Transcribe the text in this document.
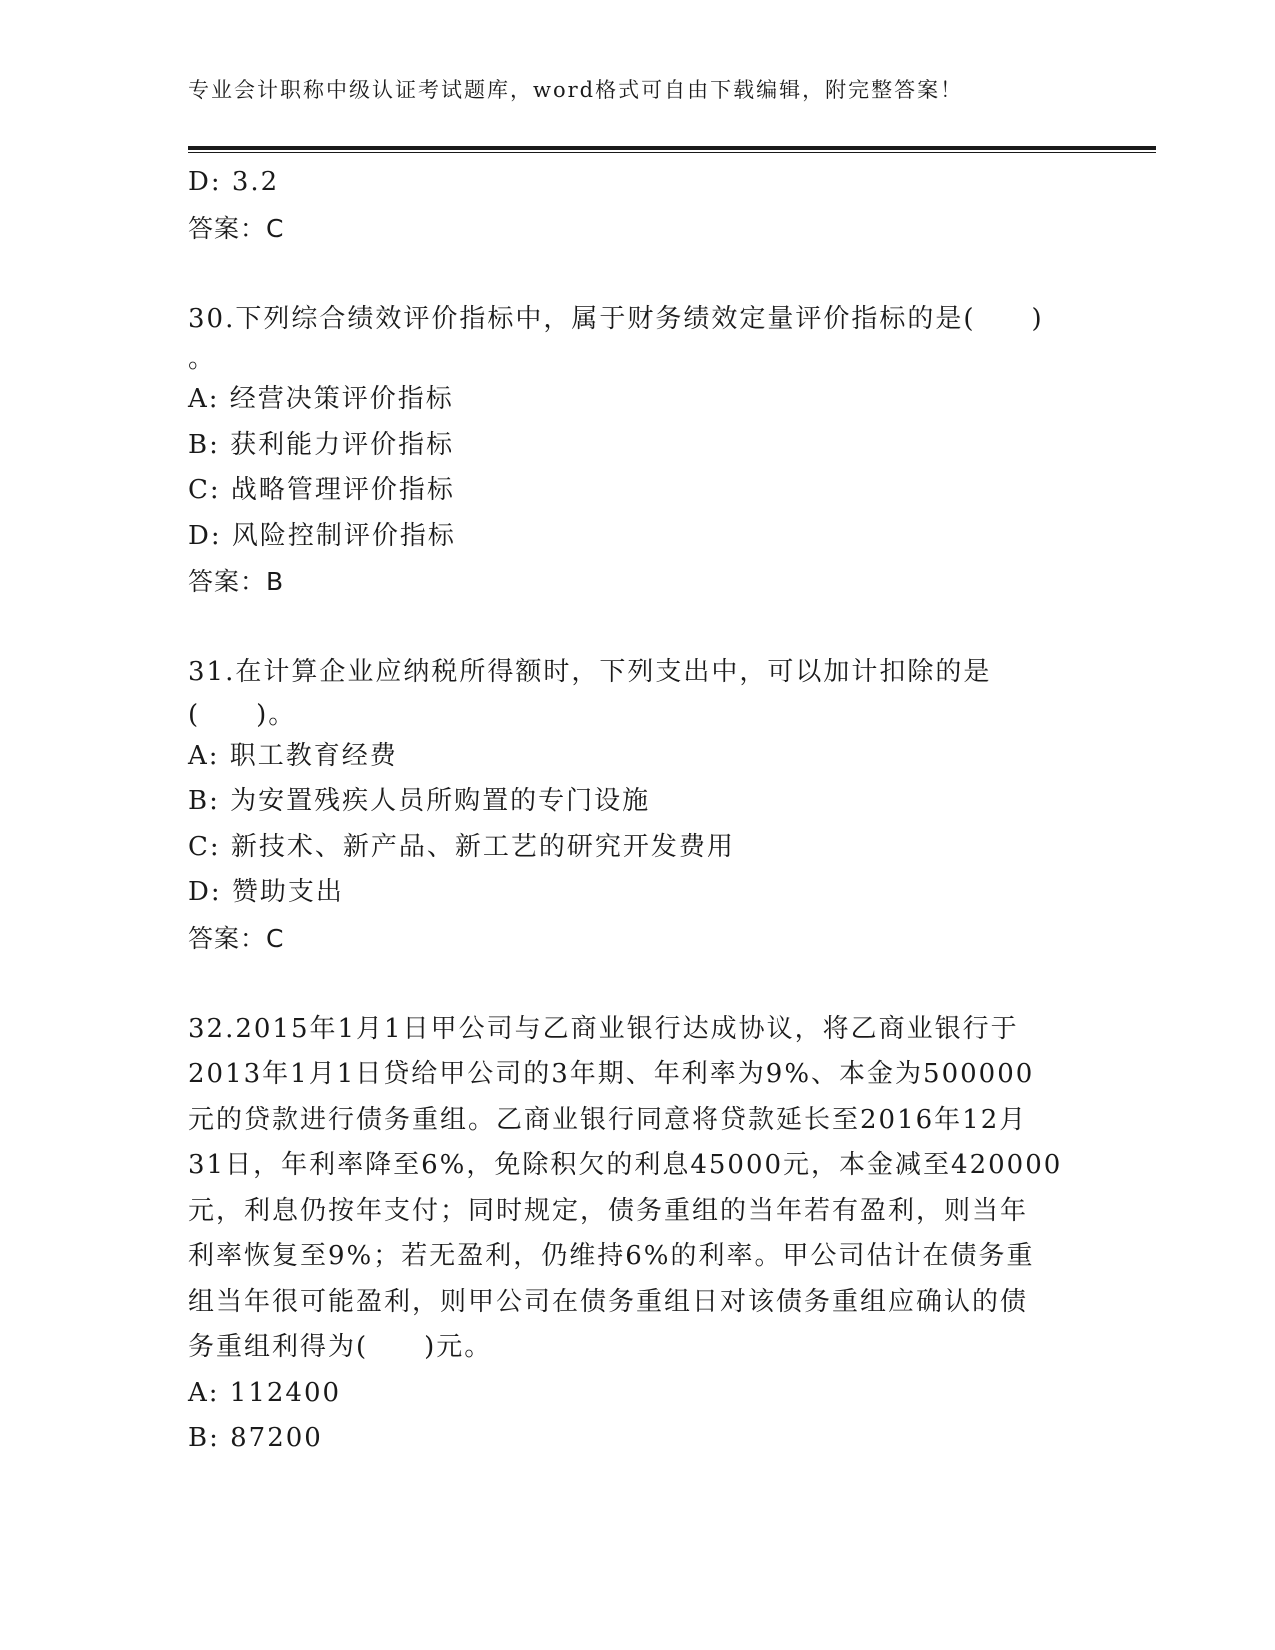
专业会计职称中级认证考试题库，word格式可自由下载编辑，附完整答案！
D: 3.2
答案：C
30.下列综合绩效评价指标中，属于财务绩效定量评价指标的是(　　)
。
A: 经营决策评价指标
B: 获利能力评价指标
C: 战略管理评价指标
D: 风险控制评价指标
答案：B
31.在计算企业应纳税所得额时，下列支出中，可以加计扣除的是
(　　)。
A: 职工教育经费
B: 为安置残疾人员所购置的专门设施
C: 新技术、新产品、新工艺的研究开发费用
D: 赞助支出
答案：C
32.2015年1月1日甲公司与乙商业银行达成协议，将乙商业银行于
2013年1月1日贷给甲公司的3年期、年利率为9%、本金为500000
元的贷款进行债务重组。乙商业银行同意将贷款延长至2016年12月
31日，年利率降至6%，免除积欠的利息45000元，本金减至420000
元，利息仍按年支付；同时规定，债务重组的当年若有盈利，则当年
利率恢复至9%；若无盈利，仍维持6%的利率。甲公司估计在债务重
组当年很可能盈利，则甲公司在债务重组日对该债务重组应确认的债
务重组利得为(　　)元。
A: 112400
B: 87200
